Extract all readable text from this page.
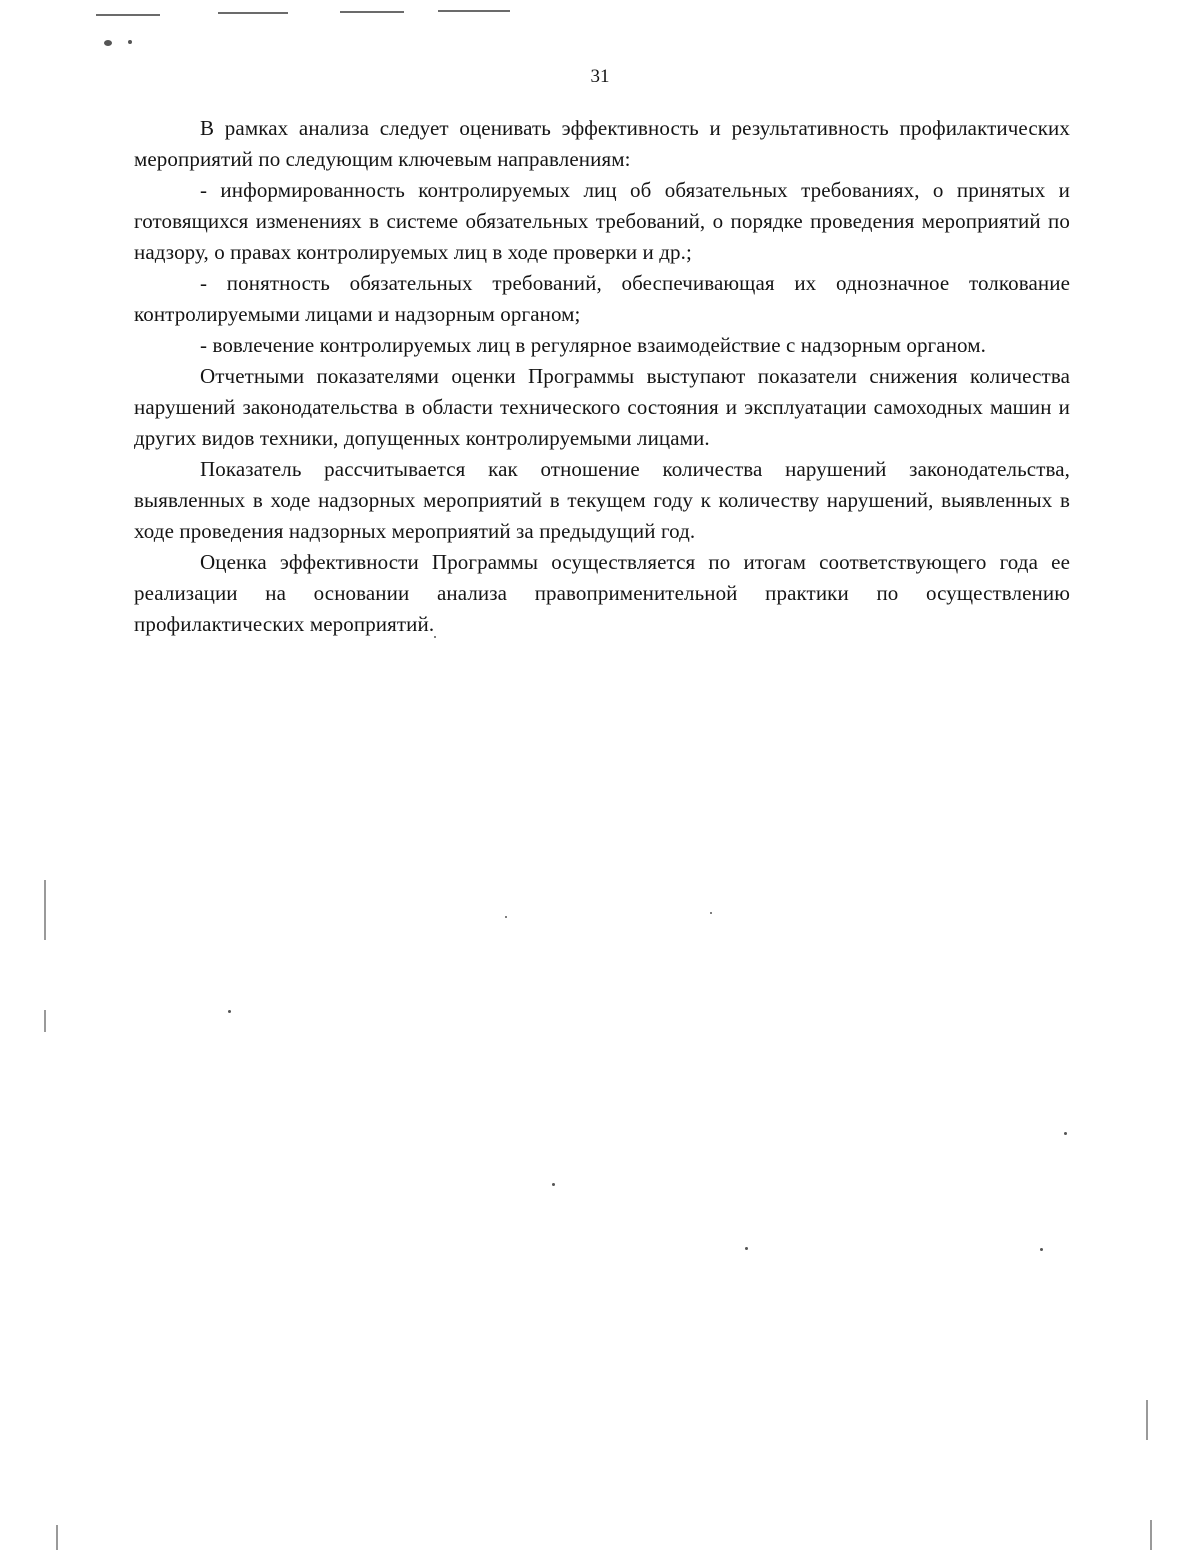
31

В рамках анализа следует оценивать эффективность и результативность профилактических мероприятий по следующим ключевым направлениям:

- информированность контролируемых лиц об обязательных требованиях, о принятых и готовящихся изменениях в системе обязательных требований, о порядке проведения мероприятий по надзору, о правах контролируемых лиц в ходе проверки и др.;

- понятность обязательных требований, обеспечивающая их однозначное толкование контролируемыми лицами и надзорным органом;

- вовлечение контролируемых лиц в регулярное взаимодействие с надзорным органом.

Отчетными показателями оценки Программы выступают показатели снижения количества нарушений законодательства в области технического состояния и эксплуатации самоходных машин и других видов техники, допущенных контролируемыми лицами.

Показатель рассчитывается как отношение количества нарушений законодательства, выявленных в ходе надзорных мероприятий в текущем году к количеству нарушений, выявленных в ходе проведения надзорных мероприятий за предыдущий год.

Оценка эффективности Программы осуществляется по итогам соответствующего года ее реализации на основании анализа правоприменительной практики по осуществлению профилактических мероприятий.
